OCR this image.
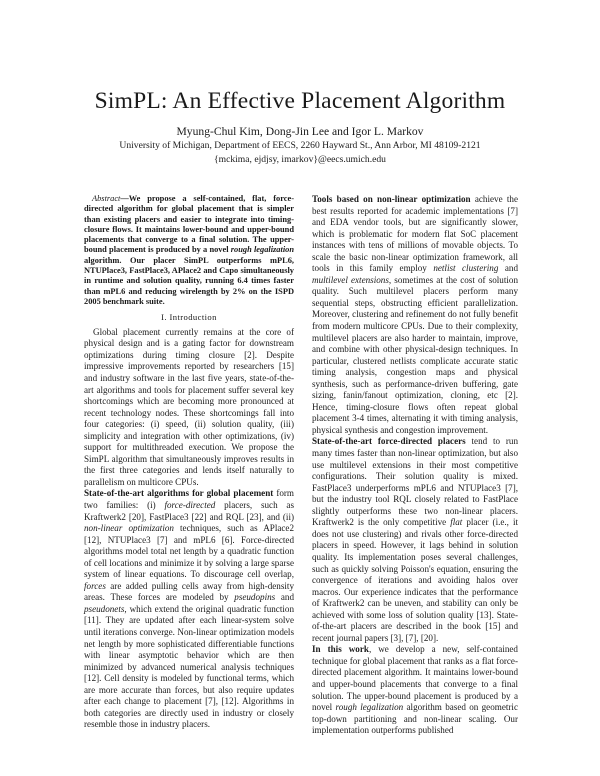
SimPL: An Effective Placement Algorithm
Myung-Chul Kim, Dong-Jin Lee and Igor L. Markov
University of Michigan, Department of EECS, 2260 Hayward St., Ann Arbor, MI 48109-2121
{mckima, ejdjsy, imarkov}@eecs.umich.edu

Abstract—We propose a self-contained, flat, force-directed algorithm for global placement that is simpler than existing placers and easier to integrate into timing-closure flows. It maintains lower-bound and upper-bound placements that converge to a final solution. The upper-bound placement is produced by a novel rough legalization algorithm. Our placer SimPL outperforms mPL6, NTUPlace3, FastPlace3, APlace2 and Capo simultaneously in runtime and solution quality, running 6.4 times faster than mPL6 and reducing wirelength by 2% on the ISPD 2005 benchmark suite.

I. Introduction

Global placement currently remains at the core of physical design and is a gating factor for downstream optimizations during timing closure [2]. Despite impressive improvements reported by researchers [15] and industry software in the last five years, state-of-the-art algorithms and tools for placement suffer several key shortcomings which are becoming more pronounced at recent technology nodes. These shortcomings fall into four categories: (i) speed, (ii) solution quality, (iii) simplicity and integration with other optimizations, (iv) support for multithreaded execution. We propose the SimPL algorithm that simultaneously improves results in the first three categories and lends itself naturally to parallelism on multicore CPUs.

State-of-the-art algorithms for global placement form two families: (i) force-directed placers, such as Kraftwerk2 [20], FastPlace3 [22] and RQL [23], and (ii) non-linear optimization techniques, such as APlace2 [12], NTUPlace3 [7] and mPL6 [6]. Force-directed algorithms model total net length by a quadratic function of cell locations and minimize it by solving a large sparse system of linear equations. To discourage cell overlap, forces are added pulling cells away from high-density areas. These forces are modeled by pseudopins and pseudonets, which extend the original quadratic function [11]. They are updated after each linear-system solve until iterations converge. Non-linear optimization models net length by more sophisticated differentiable functions with linear asymptotic behavior which are then minimized by advanced numerical analysis techniques [12]. Cell density is modeled by functional terms, which are more accurate than forces, but also require updates after each change to placement [7], [12]. Algorithms in both categories are directly used in industry or closely resemble those in industry placers.

Tools based on non-linear optimization achieve the best results reported for academic implementations [7] and EDA vendor tools, but are significantly slower, which is problematic for modern flat SoC placement instances with tens of millions of movable objects. To scale the basic non-linear optimization framework, all tools in this family employ netlist clustering and multilevel extensions, sometimes at the cost of solution quality. Such multilevel placers perform many sequential steps, obstructing efficient parallelization. Moreover, clustering and refinement do not fully benefit from modern multicore CPUs. Due to their complexity, multilevel placers are also harder to maintain, improve, and combine with other physical-design techniques. In particular, clustered netlists complicate accurate static timing analysis, congestion maps and physical synthesis, such as performance-driven buffering, gate sizing, fanin/fanout optimization, cloning, etc [2]. Hence, timing-closure flows often repeat global placement 3-4 times, alternating it with timing analysis, physical synthesis and congestion improvement.

State-of-the-art force-directed placers tend to run many times faster than non-linear optimization, but also use multilevel extensions in their most competitive configurations. Their solution quality is mixed. FastPlace3 underperforms mPL6 and NTUPlace3 [7], but the industry tool RQL closely related to FastPlace slightly outperforms these two non-linear placers. Kraftwerk2 is the only competitive flat placer (i.e., it does not use clustering) and rivals other force-directed placers in speed. However, it lags behind in solution quality. Its implementation poses several challenges, such as quickly solving Poisson's equation, ensuring the convergence of iterations and avoiding halos over macros. Our experience indicates that the performance of Kraftwerk2 can be uneven, and stability can only be achieved with some loss of solution quality [13]. State-of-the-art placers are described in the book [15] and recent journal papers [3], [7], [20].

In this work, we develop a new, self-contained technique for global placement that ranks as a flat force-directed placement algorithm. It maintains lower-bound and upper-bound placements that converge to a final solution. The upper-bound placement is produced by a novel rough legalization algorithm based on geometric top-down partitioning and non-linear scaling. Our implementation outperforms published
